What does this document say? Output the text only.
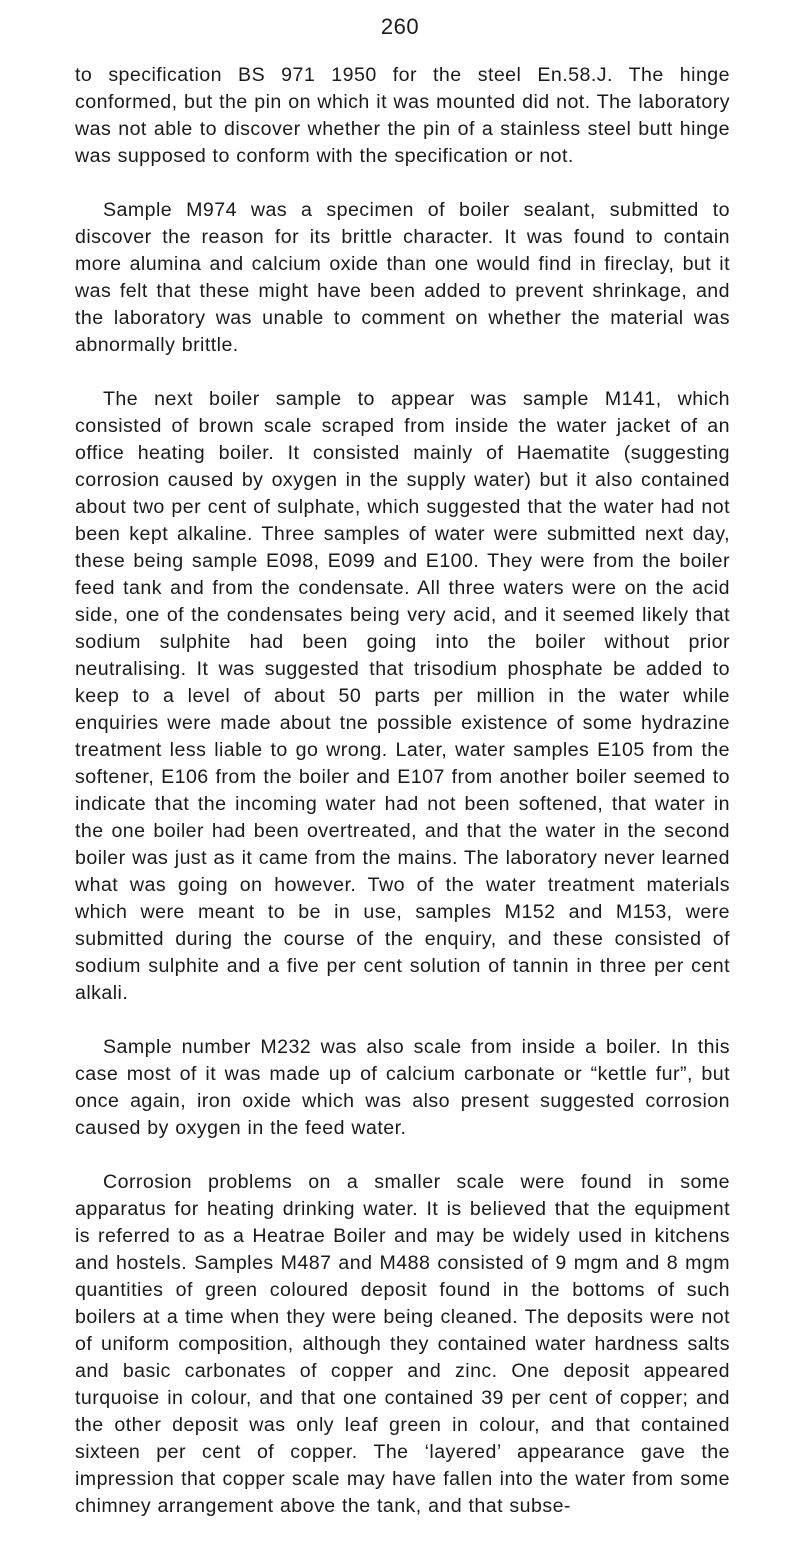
260

to specification BS 971 1950 for the steel En.58.J. The hinge conformed, but the pin on which it was mounted did not. The laboratory was not able to discover whether the pin of a stainless steel butt hinge was supposed to conform with the specification or not.

Sample M974 was a specimen of boiler sealant, submitted to discover the reason for its brittle character. It was found to contain more alumina and calcium oxide than one would find in fireclay, but it was felt that these might have been added to prevent shrinkage, and the laboratory was unable to comment on whether the material was abnormally brittle.

The next boiler sample to appear was sample M141, which consisted of brown scale scraped from inside the water jacket of an office heating boiler. It consisted mainly of Haematite (suggesting corrosion caused by oxygen in the supply water) but it also contained about two per cent of sulphate, which suggested that the water had not been kept alkaline. Three samples of water were submitted next day, these being sample E098, E099 and E100. They were from the boiler feed tank and from the condensate. All three waters were on the acid side, one of the condensates being very acid, and it seemed likely that sodium sulphite had been going into the boiler without prior neutralising. It was suggested that trisodium phosphate be added to keep to a level of about 50 parts per million in the water while enquiries were made about tne possible existence of some hydrazine treatment less liable to go wrong. Later, water samples E105 from the softener, E106 from the boiler and E107 from another boiler seemed to indicate that the incoming water had not been softened, that water in the one boiler had been overtreated, and that the water in the second boiler was just as it came from the mains. The laboratory never learned what was going on however. Two of the water treatment materials which were meant to be in use, samples M152 and M153, were submitted during the course of the enquiry, and these consisted of sodium sulphite and a five per cent solution of tannin in three per cent alkali.

Sample number M232 was also scale from inside a boiler. In this case most of it was made up of calcium carbonate or “kettle fur”, but once again, iron oxide which was also present suggested corrosion caused by oxygen in the feed water.

Corrosion problems on a smaller scale were found in some apparatus for heating drinking water. It is believed that the equipment is referred to as a Heatrae Boiler and may be widely used in kitchens and hostels. Samples M487 and M488 consisted of 9 mgm and 8 mgm quantities of green coloured deposit found in the bottoms of such boilers at a time when they were being cleaned. The deposits were not of uniform composition, although they contained water hardness salts and basic carbonates of copper and zinc. One deposit appeared turquoise in colour, and that one contained 39 per cent of copper; and the other deposit was only leaf green in colour, and that contained sixteen per cent of copper. The ‘layered’ appearance gave the impression that copper scale may have fallen into the water from some chimney arrangement above the tank, and that subse-
